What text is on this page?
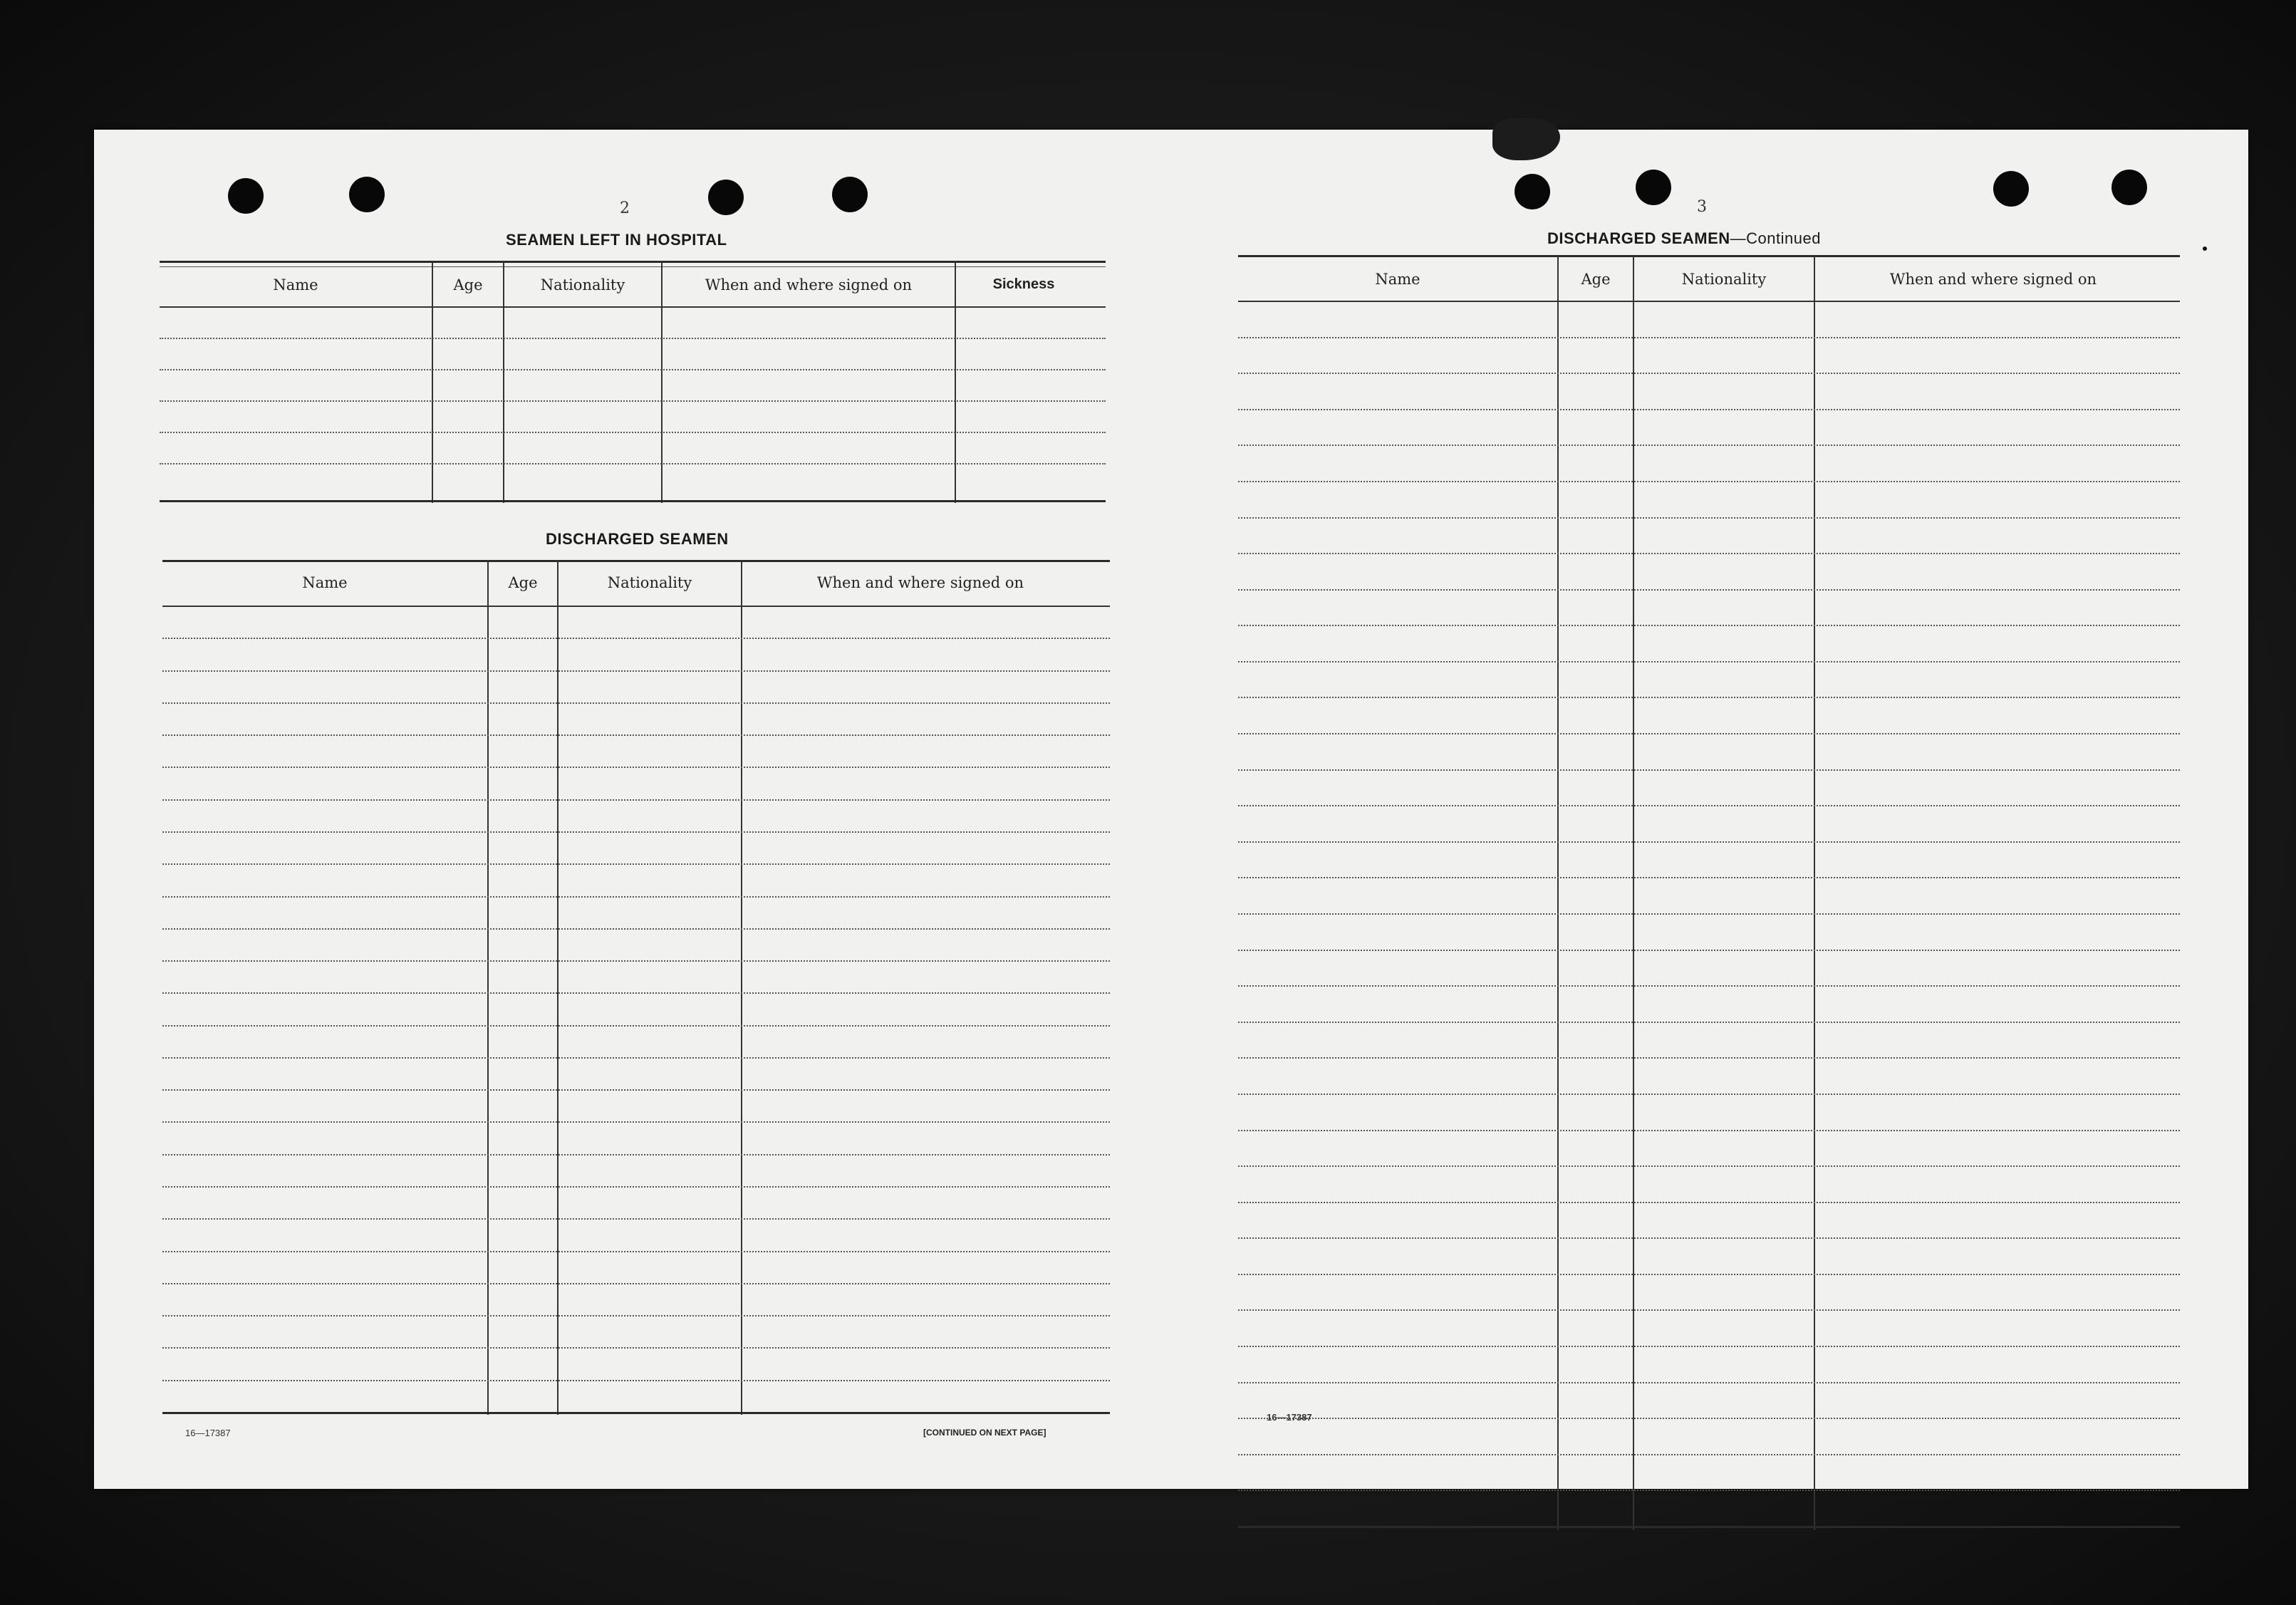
2
SEAMEN LEFT IN HOSPITAL
Name	Age	Nationality	When and where signed on	Sickness
DISCHARGED SEAMEN
Name	Age	Nationality	When and where signed on
16—17387	[CONTINUED ON NEXT PAGE]
3
DISCHARGED SEAMEN—Continued
Name	Age	Nationality	When and where signed on
16—17387
